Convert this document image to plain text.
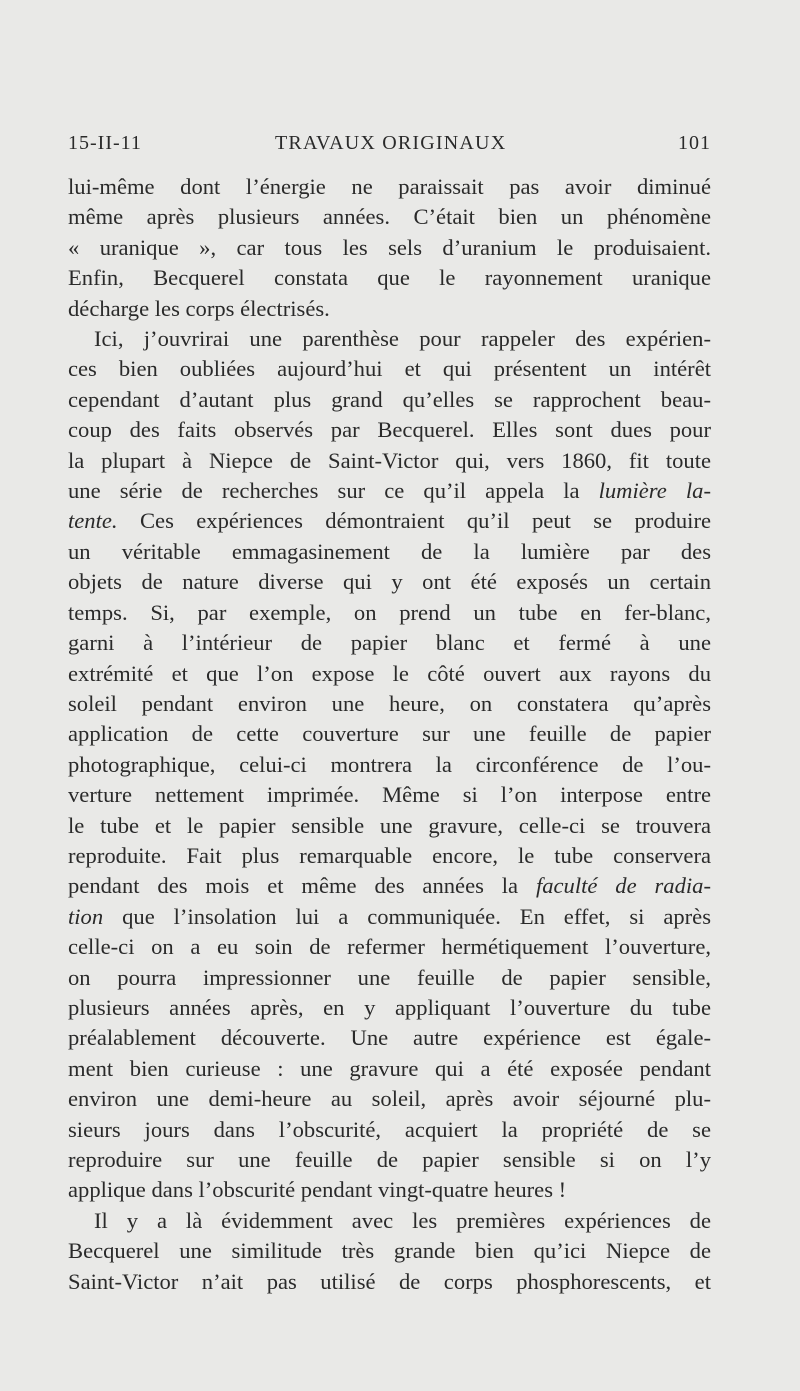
15-II-11	TRAVAUX ORIGINAUX	101
lui-même dont l’énergie ne paraissait pas avoir diminué
même après plusieurs années. C’était bien un phénomène
« uranique », car tous les sels d’uranium le produisaient.
Enfin, Becquerel constata que le rayonnement uranique
décharge les corps électrisés.
Ici, j’ouvrirai une parenthèse pour rappeler des expérien-
ces bien oubliées aujourd’hui et qui présentent un intérêt
cependant d’autant plus grand qu’elles se rapprochent beau-
coup des faits observés par Becquerel. Elles sont dues pour
la plupart à Niepce de Saint-Victor qui, vers 1860, fit toute
une série de recherches sur ce qu’il appela la lumière la-
tente. Ces expériences démontraient qu’il peut se produire
un véritable emmagasinement de la lumière par des
objets de nature diverse qui y ont été exposés un certain
temps. Si, par exemple, on prend un tube en fer-blanc,
garni à l’intérieur de papier blanc et fermé à une
extrémité et que l’on expose le côté ouvert aux rayons du
soleil pendant environ une heure, on constatera qu’après
application de cette couverture sur une feuille de papier
photographique, celui-ci montrera la circonférence de l’ou-
verture nettement imprimée. Même si l’on interpose entre
le tube et le papier sensible une gravure, celle-ci se trouvera
reproduite. Fait plus remarquable encore, le tube conservera
pendant des mois et même des années la faculté de radia-
tion que l’insolation lui a communiquée. En effet, si après
celle-ci on a eu soin de refermer hermétiquement l’ouverture,
on pourra impressionner une feuille de papier sensible,
plusieurs années après, en y appliquant l’ouverture du tube
préalablement découverte. Une autre expérience est égale-
ment bien curieuse : une gravure qui a été exposée pendant
environ une demi-heure au soleil, après avoir séjourné plu-
sieurs jours dans l’obscurité, acquiert la propriété de se
reproduire sur une feuille de papier sensible si on l’y
applique dans l’obscurité pendant vingt-quatre heures !
Il y a là évidemment avec les premières expériences de
Becquerel une similitude très grande bien qu’ici Niepce de
Saint-Victor n’ait pas utilisé de corps phosphorescents, et
